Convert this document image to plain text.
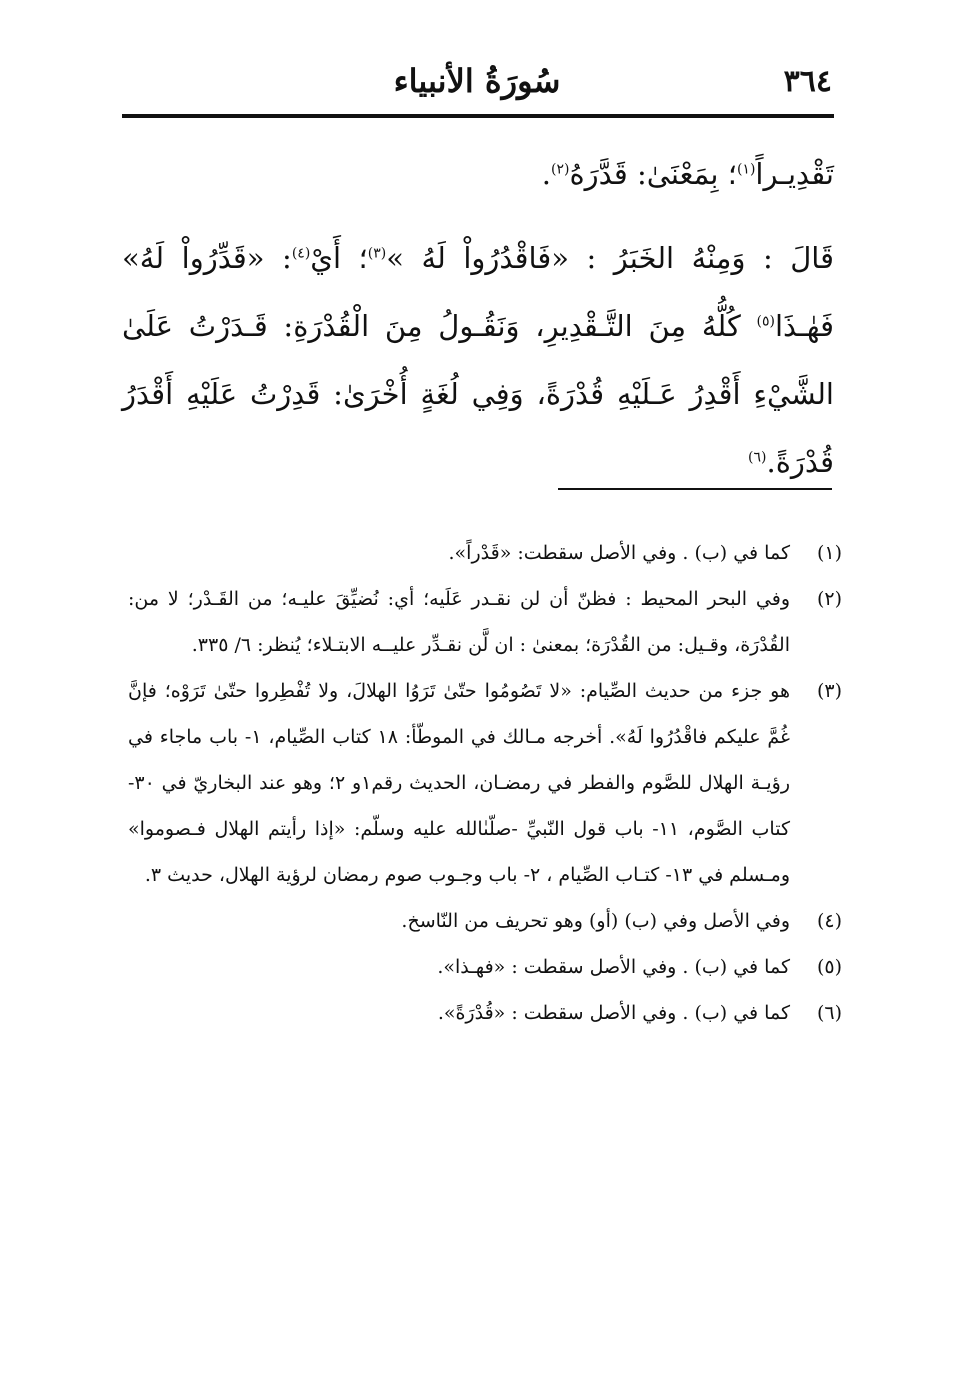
٣٦٤
سُورَةُ الأنبياء

تَقْدِيـراً$^{(١)}$؛ بِمَعْنَىٰ: قَدَّرَهُ$^{(٢)}$.

قَالَ : وَمِنْهُ الخَبَرُ : «فَاقْدُرُواْ لَهُ »$^{(٣)}$؛ أَيْ$^{(٤)}$: «قَدِّرُواْ لَهُ» فَهٰـذَا$^{(٥)}$ كُلُّهُ مِنَ التَّـقْدِيرِ، وَنَقُـولُ مِنَ الْقُدْرَةِ: قَـدَرْتُ عَلَىٰ الشَّيْءِ أَقْدِرُ عَـلَيْهِ قُدْرَةً، وَفِي لُغَةٍ أُخْرَىٰ: قَدِرْتُ عَلَيْهِ أَقْدَرُ قُدْرَةً.$^{(٦)}$

(١)
كما في (ب) . وفي الأصل سقطت: «قَدْراً».
(٢)
وفي البحر المحيط : فظنّ أن لن نقـدر عَلَيه؛ أي: نُضيِّقَ عليـه؛ من القَـدْر؛ لا من: القُدْرَة، وقـيل: من القُدْرَة؛ بمعنىٰ : ان لَّن نقـدِّر عليــه الابتـلاء؛ يُنظر: ٦/ ٣٣٥.
(٣)
هو جزء من حديث الصِّيام: «لا تَصُومُوا حتّىٰ تَرَوُا الهلالَ، ولا تُفْطِروا حتّىٰ تَرَوْه؛ فإنَّ غُمَّ عليكم فاقْدُرُوا لَهُ». أخرجه مـالك في الموطّأ: ١٨ كتاب الصِّيام، ١- باب ماجاء في رؤيـة الهلال للصَّوم والفطر في رمضـان، الحديث رقم١و ٢؛ وهو عند البخاريّ في ٣٠- كتاب الصَّوم، ١١- باب قول النّبيِّ -صلّىٰالله عليه وسلّم: «إذا رأيتم الهلال فـصوموا» ومـسلم في ١٣- كتـاب الصِّيام ، ٢- باب وجـوب صوم رمضان لرؤية الهلال، حديث ٣.
(٤)
وفي الأصل وفي (ب) (أو) وهو تحريف من النّاسخ.
(٥)
كما في (ب) . وفي الأصل سقطت : «فهـذا».
(٦)
كما في (ب) . وفي الأصل سقطت : «قُدْرَةً».
